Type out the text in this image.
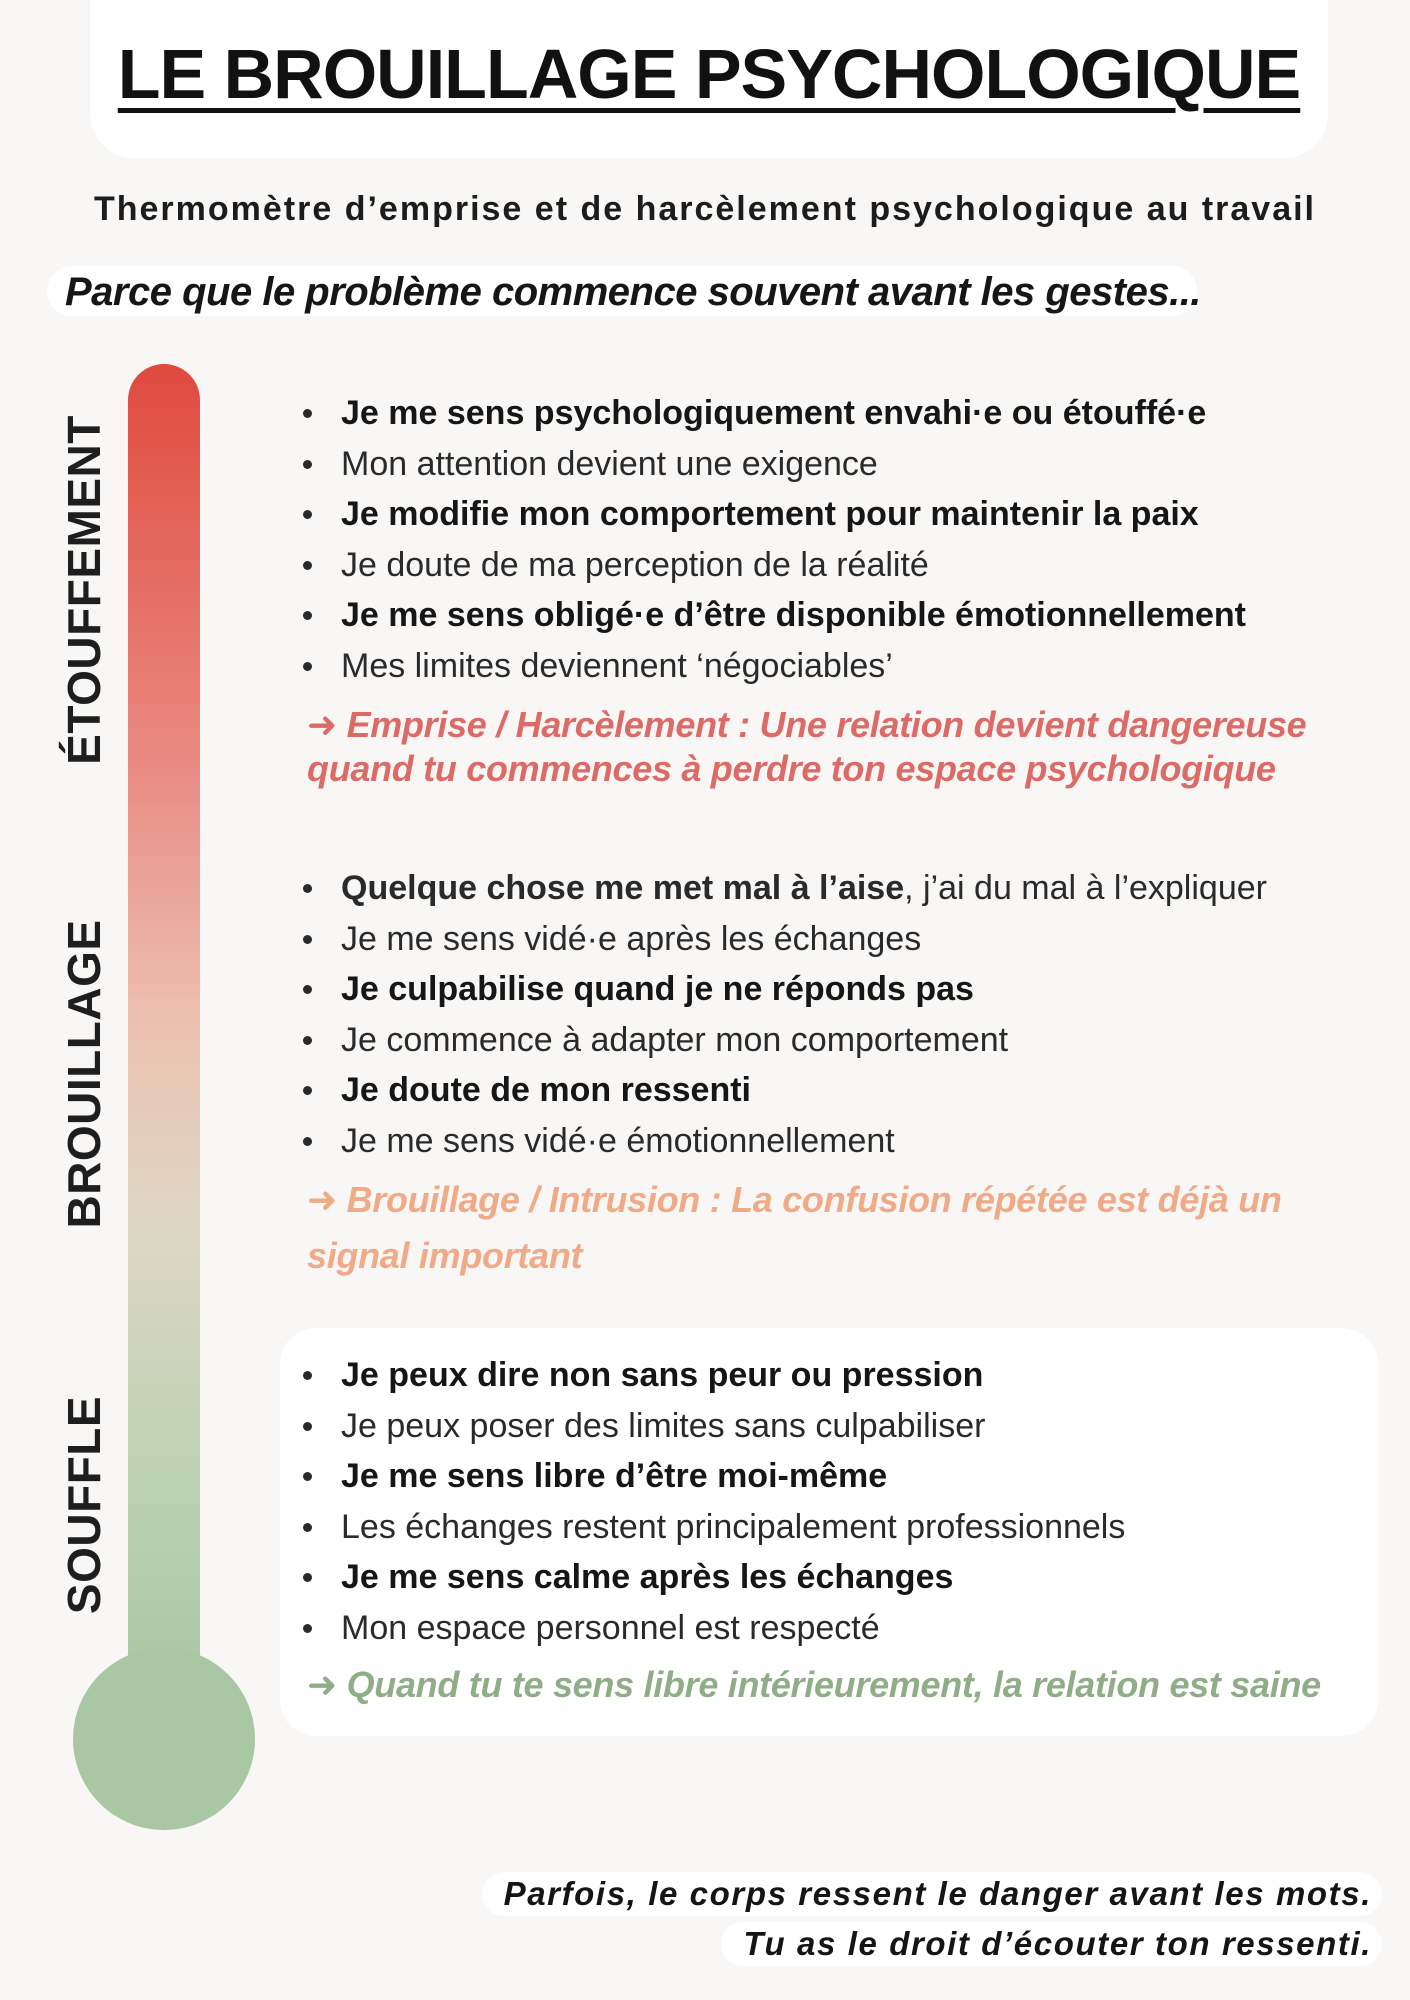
LE BROUILLAGE PSYCHOLOGIQUE
Thermomètre d’emprise et de harcèlement psychologique au travail
Parce que le problème commence souvent avant les gestes...
ÉTOUFFEMENT
BROUILLAGE
SOUFFLE
Je me sens psychologiquement envahi·e ou étouffé·e
Mon attention devient une exigence
Je modifie mon comportement pour maintenir la paix
Je doute de ma perception de la réalité
Je me sens obligé·e d’être disponible émotionnellement
Mes limites deviennent ‘négociables’
➜ Emprise / Harcèlement : Une relation devient dangereuse
quand tu commences à perdre ton espace psychologique
Quelque chose me met mal à l’aise, j’ai du mal à l’expliquer
Je me sens vidé·e après les échanges
Je culpabilise quand je ne réponds pas
Je commence à adapter mon comportement
Je doute de mon ressenti
Je me sens vidé·e émotionnellement
➜ Brouillage / Intrusion : La confusion répétée est déjà un
signal important
Je peux dire non sans peur ou pression
Je peux poser des limites sans culpabiliser
Je me sens libre d’être moi-même
Les échanges restent principalement professionnels
Je me sens calme après les échanges
Mon espace personnel est respecté
➜ Quand tu te sens libre intérieurement, la relation est saine
Parfois, le corps ressent le danger avant les mots.
Tu as le droit d’écouter ton ressenti.
